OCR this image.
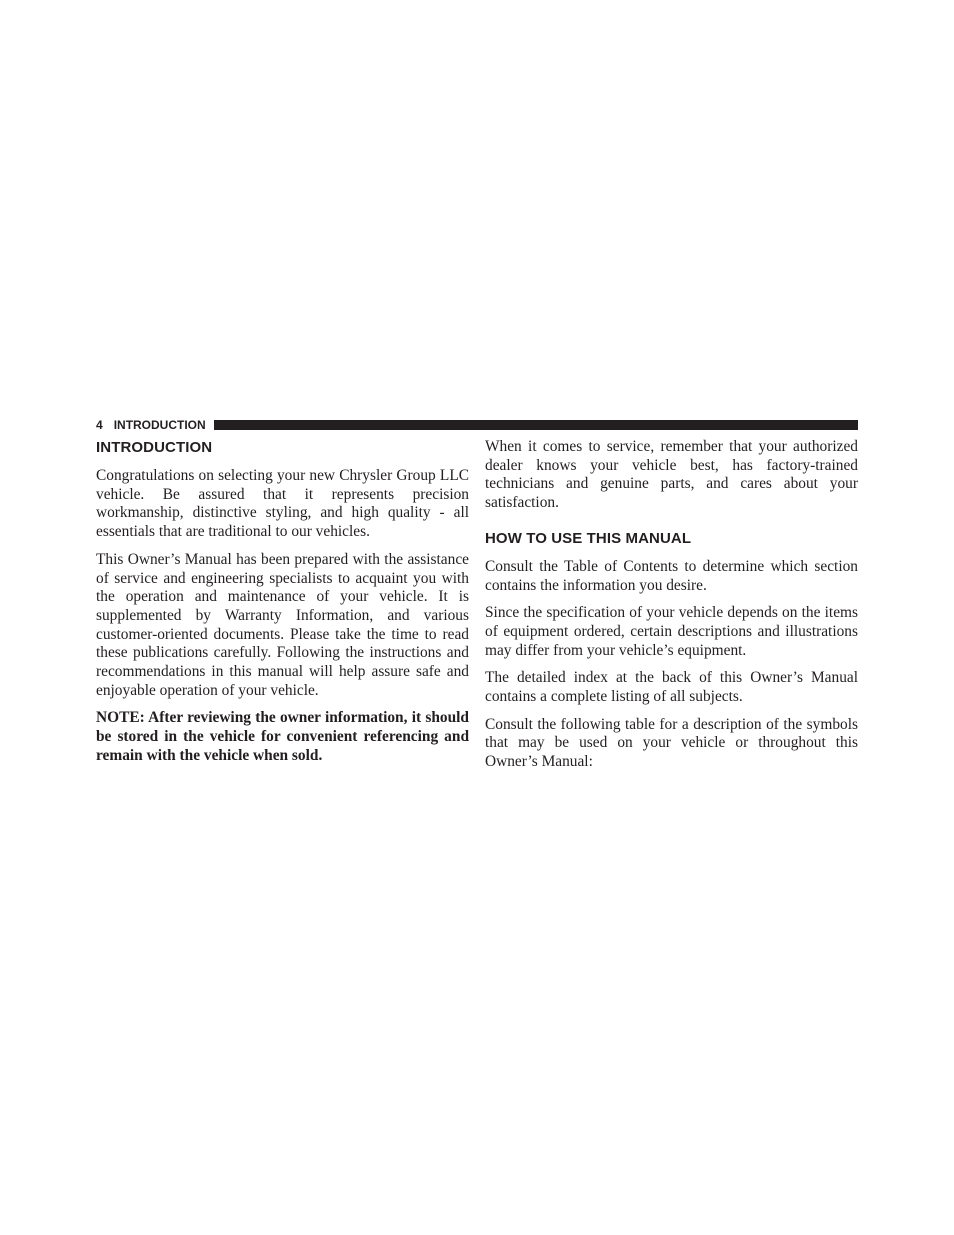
4 INTRODUCTION
INTRODUCTION

Congratulations on selecting your new Chrysler Group LLC vehicle. Be assured that it represents precision workmanship, distinctive styling, and high quality - all essentials that are traditional to our vehicles.

This Owner’s Manual has been prepared with the assistance of service and engineering specialists to acquaint you with the operation and maintenance of your vehicle. It is supplemented by Warranty Information, and various customer-oriented documents. Please take the time to read these publications carefully. Following the instructions and recommendations in this manual will help assure safe and enjoyable operation of your vehicle.

NOTE: After reviewing the owner information, it should be stored in the vehicle for convenient referencing and remain with the vehicle when sold.

When it comes to service, remember that your authorized dealer knows your vehicle best, has factory-trained technicians and genuine parts, and cares about your satisfaction.

HOW TO USE THIS MANUAL

Consult the Table of Contents to determine which section contains the information you desire.

Since the specification of your vehicle depends on the items of equipment ordered, certain descriptions and illustrations may differ from your vehicle’s equipment.

The detailed index at the back of this Owner’s Manual contains a complete listing of all subjects.

Consult the following table for a description of the symbols that may be used on your vehicle or throughout this Owner’s Manual:
